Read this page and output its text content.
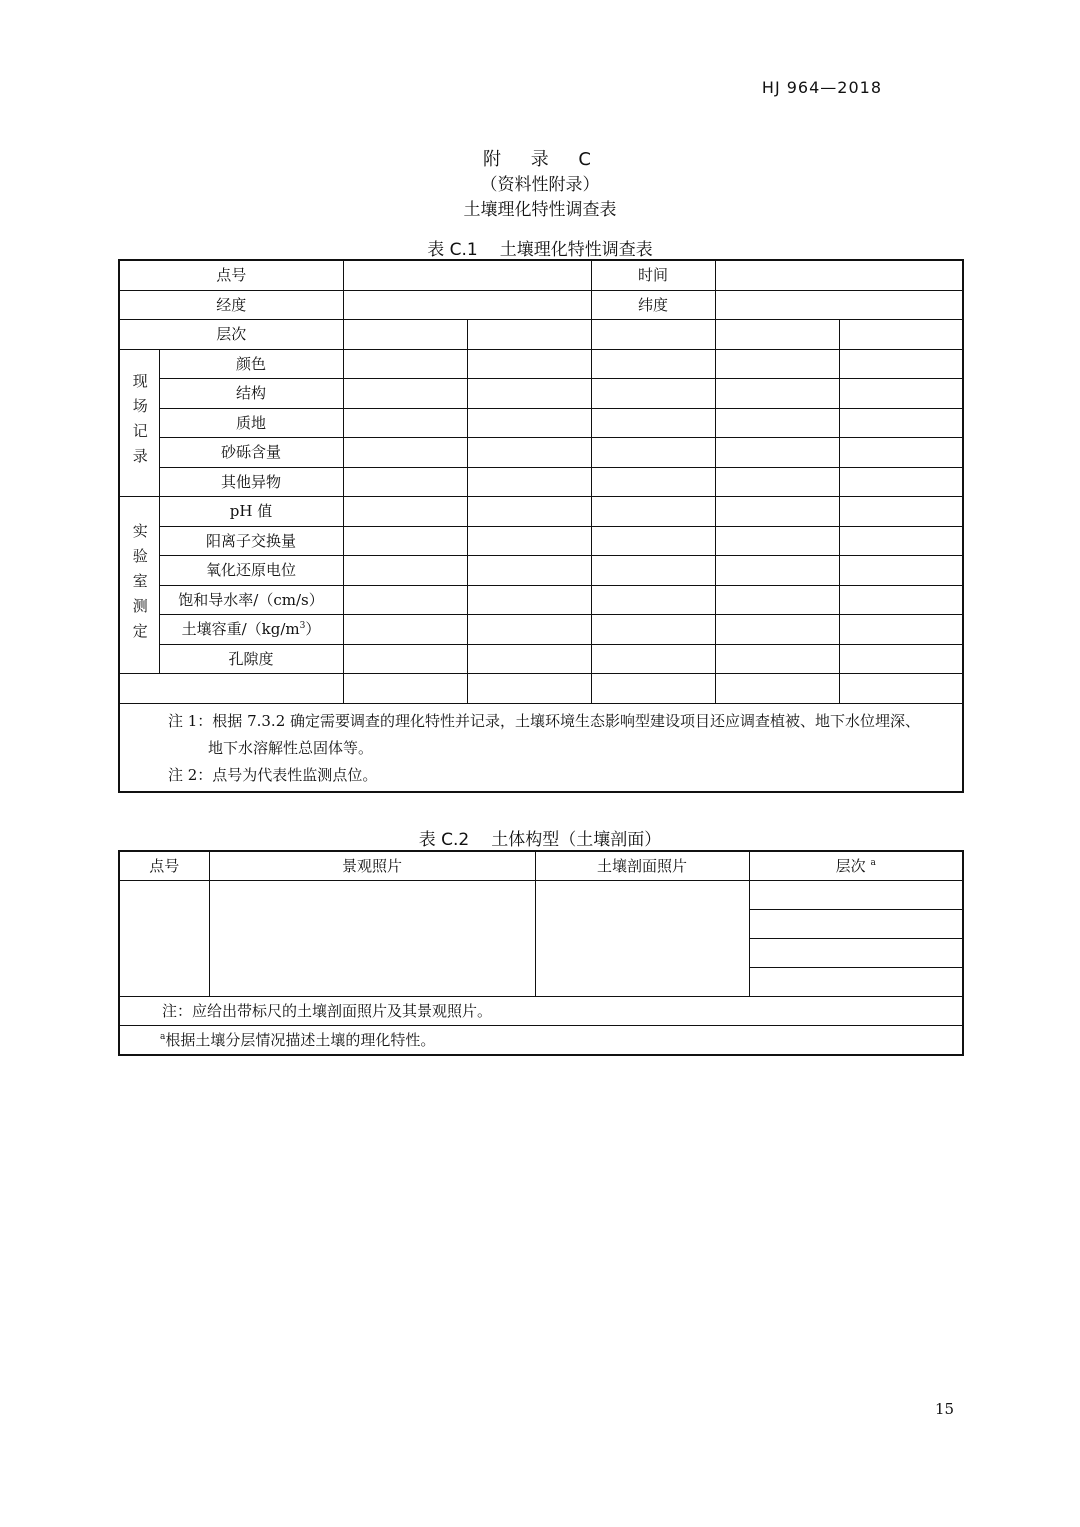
HJ 964—2018
附 录 C
（资料性附录）
土壤理化特性调查表
表 C.1 土壤理化特性调查表
点号				时间		
经度				纬度		
层次						

现场记录	颜色					
	结构					
	质地					
	砂砾含量					
	其他异物					

实验室测定	pH 值					
	阳离子交换量					
	氧化还原电位					
	饱和导水率/（cm/s）					
	土壤容重$/(kg/m^3)$					
	孔隙度					

注 1：根据 7.3.2 确定需要调查的理化特性并记录，土壤环境生态影响型建设项目还应调查植被、地下水位埋深、
地下水溶解性总固体等。
注 2：点号为代表性监测点位。						
表 C.2 土体构型（土壤剖面）
点号	景观照片	土壤剖面照片	层次 $^a$

注：应给出带标尺的土壤剖面照片及其景观照片。			
$^a$根据土壤分层情况描述土壤的理化特性。			
15
